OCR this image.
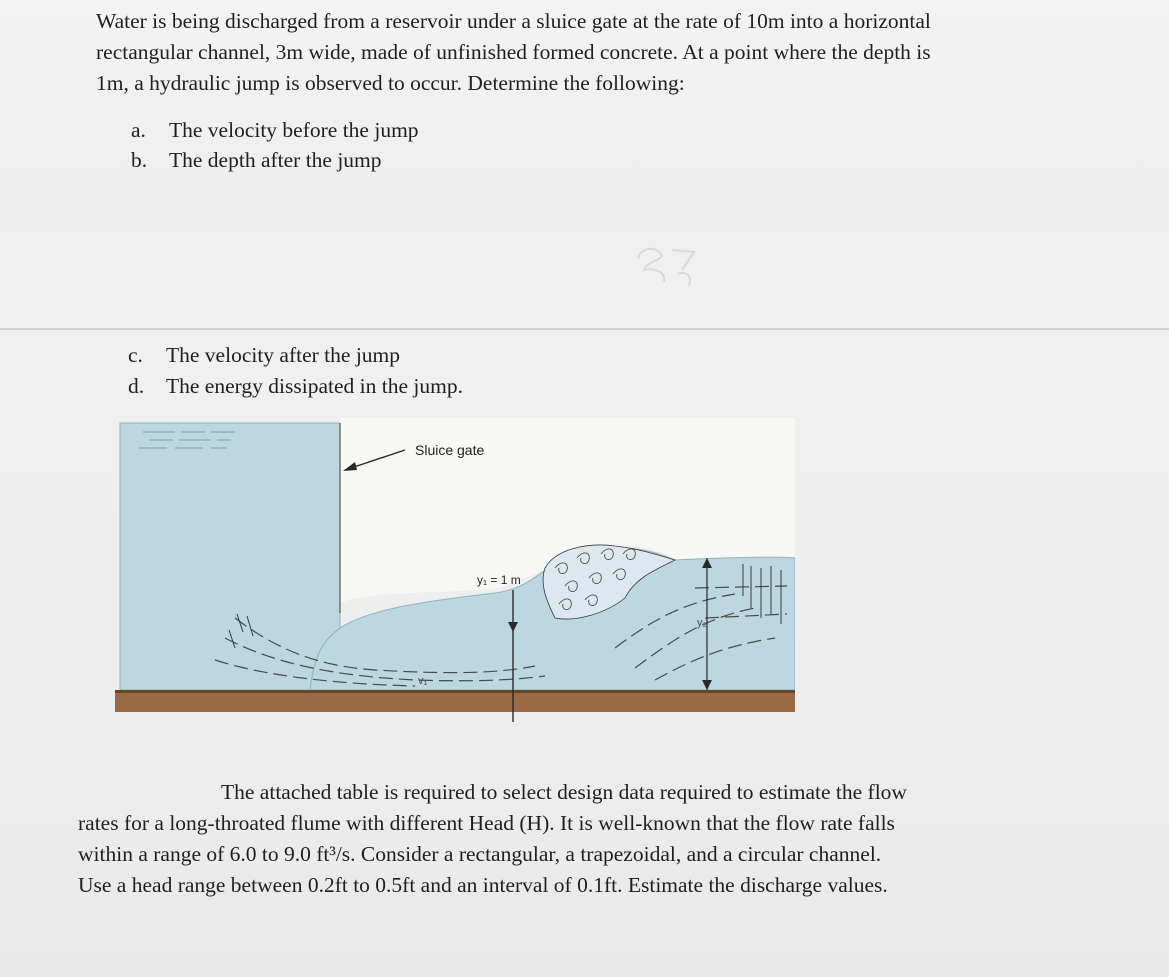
Water is being discharged from a reservoir under a sluice gate at the rate of 10m into a horizontal
rectangular channel, 3m wide, made of unfinished formed concrete. At a point where the depth is
1m, a hydraulic jump is observed to occur. Determine the following:

a. The velocity before the jump
b. The depth after the jump
c. The velocity after the jump
d. The energy dissipated in the jump.
Sluice gate
y₁ = 1 m
v₁
y₂

The attached table is required to select design data required to estimate the flow
rates for a long-throated flume with different Head (H). It is well-known that the flow rate falls
within a range of 6.0 to 9.0 ft³/s. Consider a rectangular, a trapezoidal, and a circular channel.
Use a head range between 0.2ft to 0.5ft and an interval of 0.1ft. Estimate the discharge values.
